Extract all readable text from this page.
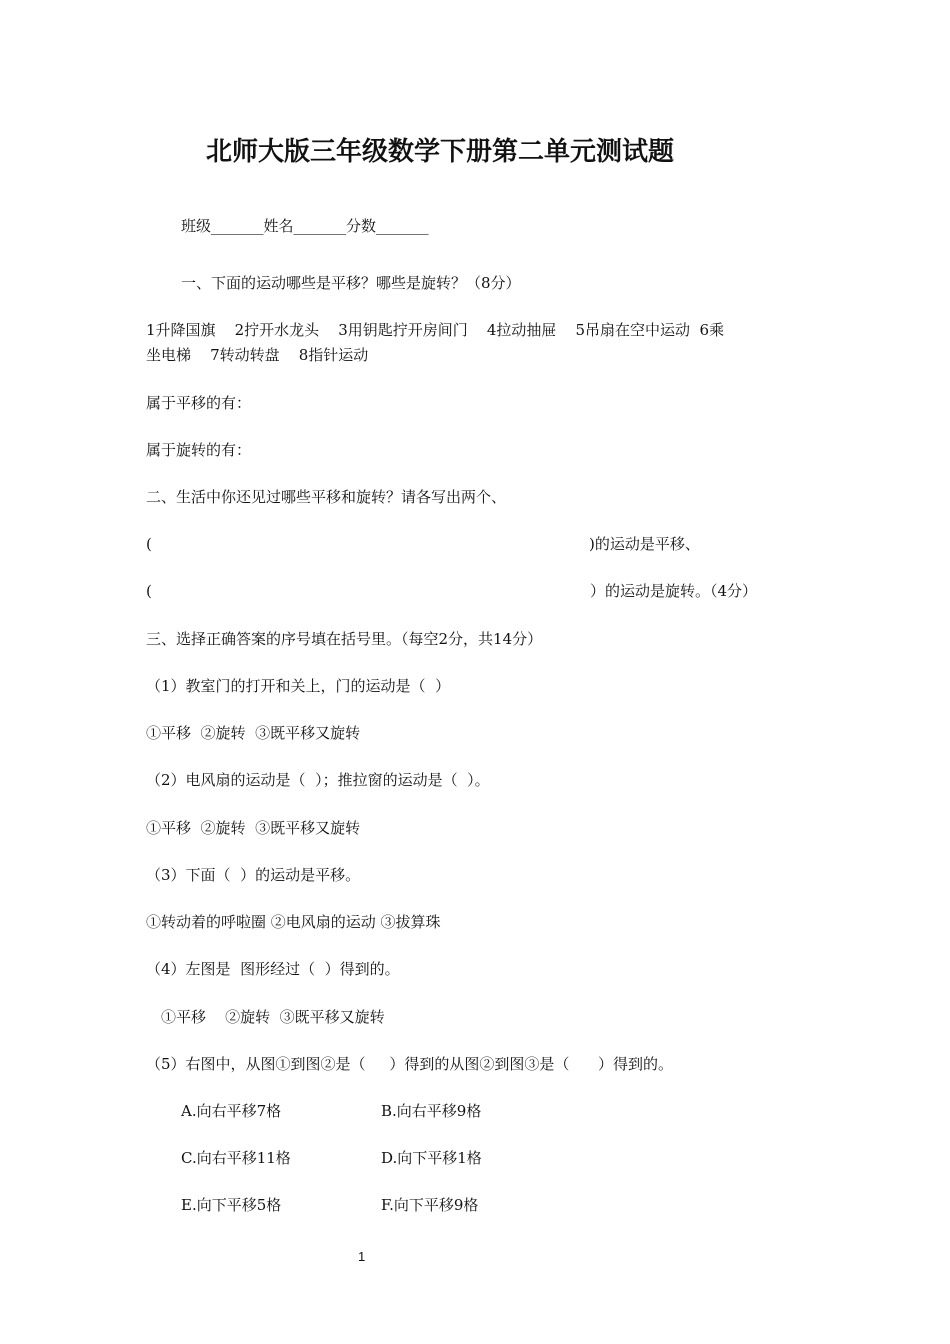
北师大版三年级数学下册第二单元测试题
班级_______姓名_______分数_______
一、下面的运动哪些是平移？哪些是旋转？（8分）
1升降国旗    2拧开水龙头    3用钥匙拧开房间门    4拉动抽屉    5吊扇在空中运动  6乘
坐电梯    7转动转盘    8指针运动
属于平移的有：
属于旋转的有：
二、生活中你还见过哪些平移和旋转？请各写出两个、
(	)的运动是平移、
(	）的运动是旋转。（4分）
三、选择正确答案的序号填在括号里。（每空2分，共14分）
（1）教室门的打开和关上，门的运动是（  ）
①平移  ②旋转  ③既平移又旋转
（2）电风扇的运动是（  ）；推拉窗的运动是（  ）。
①平移  ②旋转  ③既平移又旋转
（3）下面（  ）的运动是平移。
①转动着的呼啦圈 ②电风扇的运动 ③拔算珠
（4）左图是  图形经过（  ）得到的。
①平移    ②旋转  ③既平移又旋转
（5）右图中，从图①到图②是（     ）得到的从图②到图③是（      ）得到的。
A.向右平移7格	B.向右平移9格
C.向右平移11格	D.向下平移1格
E.向下平移5格	F.向下平移9格
1
